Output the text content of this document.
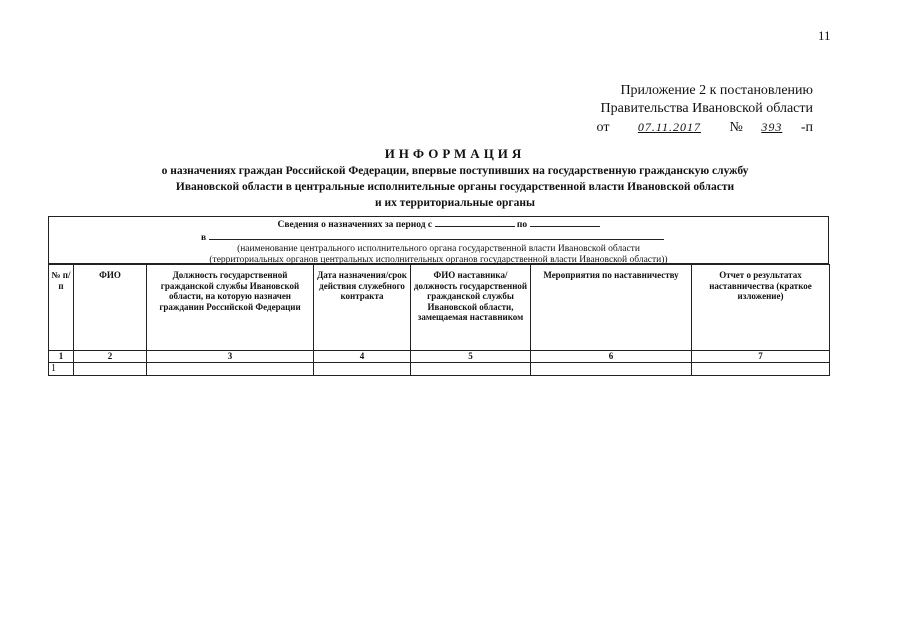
11
Приложение 2 к постановлению
Правительства Ивановской области
от	07.11.2017	№	393	-п
ИНФОРМАЦИЯ
о назначениях граждан Российской Федерации, впервые поступивших на государственную гражданскую службу
Ивановской области в центральные исполнительные органы государственной власти Ивановской области
и их территориальные органы
Сведения о назначениях за период с	по
в
(наименование центрального исполнительного органа государственной власти Ивановской области
(территориальных органов центральных исполнительных органов государственной власти Ивановской области))
№ п/п	ФИО	Должность государственной гражданской службы Ивановской области, на которую назначен гражданин Российской Федерации	Дата назначения/срок действия служебного контракта	ФИО наставника/должность государственной гражданской службы Ивановской области, замещаемая наставником	Мероприятия по наставничеству	Отчет о результатах наставничества (краткое изложение)
1	2	3	4	5	6	7
1						
